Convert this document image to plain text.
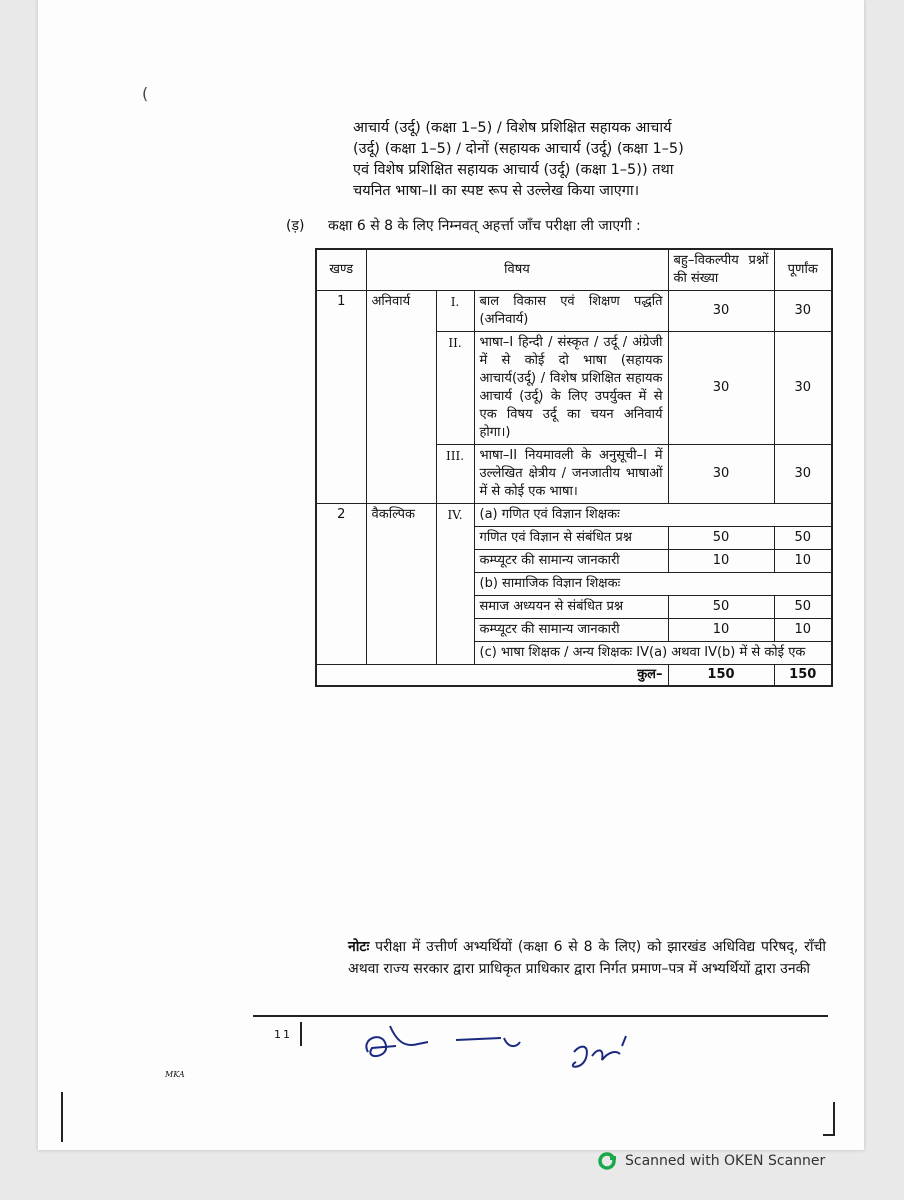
(
आचार्य (उर्दू) (कक्षा 1–5) / विशेष प्रशिक्षित सहायक आचार्य
(उर्दू) (कक्षा 1–5) / दोनों (सहायक आचार्य (उर्दू) (कक्षा 1–5)
एवं विशेष प्रशिक्षित सहायक आचार्य (उर्दू) (कक्षा 1–5)) तथा
चयनित भाषा–II का स्पष्ट रूप से उल्लेख किया जाएगा।
(ड़) कक्षा 6 से 8 के लिए निम्नवत् अहर्त्ता जाँच परीक्षा ली जाएगी :
खण्ड	विषय			बहु–विकल्पीय प्रश्नों की संख्या	पूर्णांक
1	अनिवार्य	I.	बाल विकास एवं शिक्षण पद्धति (अनिवार्य)	30	30
		II.	भाषा–I हिन्दी / संस्कृत / उर्दू / अंग्रेजी में से कोई दो भाषा (सहायक आचार्य(उर्दू) / विशेष प्रशिक्षित सहायक आचार्य (उर्दू) के लिए उपर्युक्त में से एक विषय उर्दू का चयन अनिवार्य होगा।)	30	30
		III.	भाषा–II नियमावली के अनुसूची–I में उल्लेखित क्षेत्रीय / जनजातीय भाषाओं में से कोई एक भाषा।	30	30
2	वैकल्पिक	IV.	(a) गणित एवं विज्ञान शिक्षकः		
			गणित एवं विज्ञान से संबंधित प्रश्न	50	50
			कम्प्यूटर की सामान्य जानकारी	10	10
			(b) सामाजिक विज्ञान शिक्षकः		
			समाज अध्ययन से संबंधित प्रश्न	50	50
			कम्प्यूटर की सामान्य जानकारी	10	10
			(c) भाषा शिक्षक / अन्य शिक्षकः IV(a) अथवा IV(b) में से कोई एक		
कुल–				150	150
नोटः परीक्षा में उत्तीर्ण अभ्यर्थियों (कक्षा 6 से 8 के लिए) को झारखंड अधिविद्य परिषद्, राँची अथवा राज्य सरकार द्वारा प्राधिकृत प्राधिकार द्वारा निर्गत प्रमाण–पत्र में अभ्यर्थियों द्वारा उनकी
11
MKA
Scanned with OKEN Scanner
